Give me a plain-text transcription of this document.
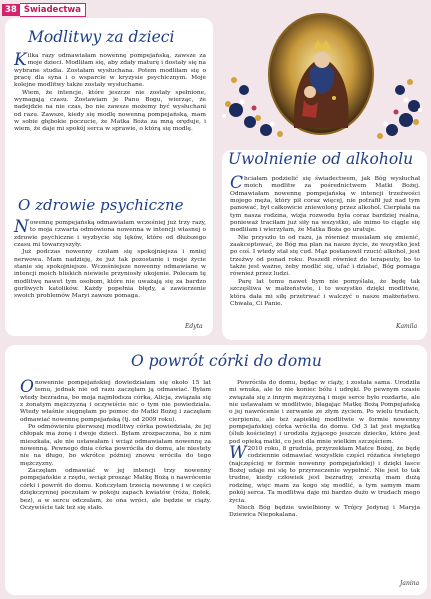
38 Świadectwa
Modlitwy za dzieci

Kilka razy odmawiałam nowennę pompejańską, zawsze za moje dzieci. Modliłam się, aby zdały maturę i dostały się na wybrane studia. Zostałam wysłuchana. Potem modliłam się o pracę dla syna i o wsparcie w kryzysie psychicznym. Moje kolejne modlitwy także zostały wysłuchane.

Wiem, że intencje, które jeszcze nie zostały spełnione, wymagają czasu. Zostawiam je Panu Bogu, wierząc, że nadejdzie na nie czas, bo nie zawsze możemy być wysłuchani od razu. Zawsze, kiedy się modlę nowenną pompejańską, mam w sobie głębokie poczucie, że Matka Boża za mną oręduje, i wiem, że daje mi spokój serca w sprawie, o którą się modlę.

O zdrowie psychiczne

Nowennę pompejańską odmawiałam wcześniej już trzy razy, to moja czwarta odmówiona nowenna w intencji własnej o zdrowie psychiczne i wyzbycie się lęków, które od dłuższego czasu mi towarzyszyły.

Już podczas nowenny czułam się spokojniejsza i mniej nerwowa. Mam nadzieję, że już tak pozostanie i moje życie stanie się spokojniejsze. Wcześniejsze nowenny odmawiane w intencji moich bliskich niewiele przyniosły ukojenie. Polecam tę modlitwę nawet tym osobom, które nie uważają się za bardzo gorliwych katolików. Każdy popełnia błędy, a zawierzenie swoich problemów Maryi zawsze pomaga.

Edyta
Uwolnienie od alkoholu

Chciałam podzielić się świadectwem, jak Bóg wysłuchał moich modlitw za pośrednictwem Matki Bożej. Odmawiałam nowennę pompejańską w intencji trzeźwości mojego męża, który pił coraz więcej, nie potrafił już nad tym panować, był całkowicie zniewolony przez alkohol. Cierpiała na tym nasza rodzina, wizja rozwodu była coraz bardziej realna, ponieważ traciłam już siły na wszystko, ale mimo to ciągle się modliłam i wierzyłam, że Matka Boża go uratuje.

Nie przyszło to od razu, ja również musiałam się zmienić, zaakceptować, że Bóg ma plan na nasze życie, że wszystko jest po coś. I wtedy stał się cud. Mąż postanowił rzucić alkohol, jest trzeźwy od ponad roku. Poszedł również do terapeuty, bo to także jest ważne, żeby modlić się, ufać i działać, Bóg pomaga również przez ludzi.

Parę lat temu nawet bym nie pomyślała, że będę tak szczęśliwa w małżeństwie, i to wszystko dzięki modlitwie, która dała mi siłę przetrwać i walczyć o nasze małżeństwo. Chwała, Ci Panie.

Kamila
O powrót córki do domu

Onowennie pompejańskiej dowiedziałam się około 15 lat temu, jednak nie od razu zaczęłam ją odmawiać. Byłam wtedy bezradna, bo moja najmłodsza córka, Alicja, związała się z żonatym mężczyzną i oczywiście nic o tym nie powiedziała. Wtedy właśnie sięgnęłam po pomoc do Matki Bożej i zaczęłam odmawiać nowennę pompejańską (tj. od 2009 roku).

Po odmówieniu pierwszej modlitwy córka powiedziała, że jej chłopak ma żonę i dwoje dzieci. Byłam zrozpaczona, bo z nim mieszkała, ale nie ustawałam i wciąż odmawiałam nowennę za nowenną. Pewnego dnia córka powróciła do domu, ale niestety nie na długo, bo wkrótce później znowu wróciła do tego mężczyzny.

Zaczęłam odmawiać w jej intencji trzy nowenny pompejańskie z rzędu, wciąż prosząc Matkę Bożą o nawrócenie córki i powrót do domu. Kończyłam trzecią nowennę i w części dziękczynnej poczułam w pokoju zapach kwiatów (róża, fiołek, bez), a w sercu odczułam, że ona wróci, ale będzie w ciąży. Oczywiście tak też się stało.

Powróciła do domu, będąc w ciąży, i została sama. Urodziła mi wnuka, ale to nie koniec bólu i udręki. Po pewnym czasie związała się z innym mężczyzną i moje serce było rozdarte, ale nie ustawałam w modlitwie, błagając Matkę Bożą Pompejańską o jej nawrócenie i zerwanie ze złym życiem. Po wielu trudach, cierpieniu, ale też zapiekłej modlitwie w formie nowenny pompejańskiej córka wróciła do domu. Od 3 lat jest mężatką (ślub kościelny) i urodziła żyjącego jeszcze dziecko, które jest pod opieką matki, co jest dla mnie wielkim szczęściem.

W2010 roku, 8 grudnia, przyrzekłam Matce Bożej, że będę codziennie odmawiać wszystkie części różańca świętego (najczęściej w formie nowenny pompejańskiej) i dzięki łasce Bożej udaje mi się to przyrzeczenie wypełnić. Nie jest to tak trudne, kiedy człowiek jest bezradny, zresztą mam dużą rodzinę, więc mam za kogo się modlić, a tym samym mam pokój serca. Ta modlitwa daje mi bardzo dużo w trudach mego życia.

Niech Bóg będzie uwielbiony w Trójcy Jedynej i Maryja Dziewica Niepokalana.

Janina
